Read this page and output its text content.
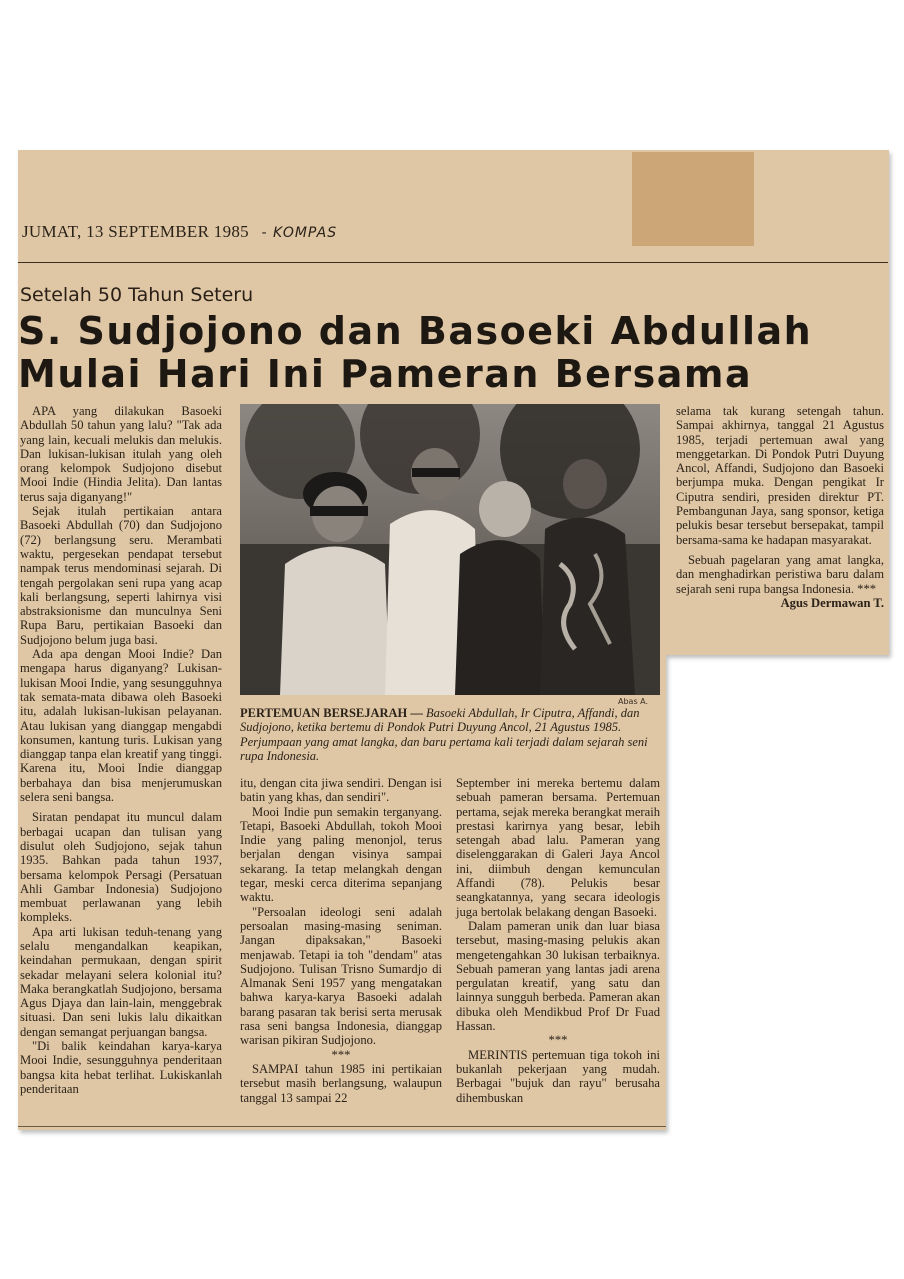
JUMAT, 13 SEPTEMBER 1985 - KOMPAS
Setelah 50 Tahun Seteru
S. Sudjojono dan Basoeki Abdullah
Mulai Hari Ini Pameran Bersama

APA yang dilakukan Basoeki Abdullah 50 tahun yang lalu? "Tak ada yang lain, kecuali melukis dan melukis. Dan lukisan-lukisan itulah yang oleh orang kelompok Sudjojono disebut Mooi Indie (Hindia Jelita). Dan lantas terus saja diganyang!"

Sejak itulah pertikaian antara Basoeki Abdullah (70) dan Sudjojono (72) berlangsung seru. Merambati waktu, pergesekan pendapat tersebut nampak terus mendominasi sejarah. Di tengah pergolakan seni rupa yang acap kali berlangsung, seperti lahirnya visi abstraksionisme dan munculnya Seni Rupa Baru, pertikaian Basoeki dan Sudjojono belum juga basi.

Ada apa dengan Mooi Indie? Dan mengapa harus diganyang? Lukisan-lukisan Mooi Indie, yang sesungguhnya tak semata-mata dibawa oleh Basoeki itu, adalah lukisan-lukisan pelayanan. Atau lukisan yang dianggap mengabdi konsumen, kantung turis. Lukisan yang dianggap tanpa elan kreatif yang tinggi. Karena itu, Mooi Indie dianggap berbahaya dan bisa menjerumuskan selera seni bangsa.

Siratan pendapat itu muncul dalam berbagai ucapan dan tulisan yang disulut oleh Sudjojono, sejak tahun 1935. Bahkan pada tahun 1937, bersama kelompok Persagi (Persatuan Ahli Gambar Indonesia) Sudjojono membuat perlawanan yang lebih kompleks.

Apa arti lukisan teduh-tenang yang selalu mengandalkan keapikan, keindahan permukaan, dengan spirit sekadar melayani selera kolonial itu? Maka berangkatlah Sudjojono, bersama Agus Djaya dan lain-lain, menggebrak situasi. Dan seni lukis lalu dikaitkan dengan semangat perjuangan bangsa.

"Di balik keindahan karya-karya Mooi Indie, sesungguhnya penderitaan bangsa kita hebat terlihat. Lukiskanlah penderitaan

Abas A.
PERTEMUAN BERSEJARAH — Basoeki Abdullah, Ir Ciputra, Affandi, dan Sudjojono, ketika bertemu di Pondok Putri Duyung Ancol, 21 Agustus 1985. Perjumpaan yang amat langka, dan baru pertama kali terjadi dalam sejarah seni rupa Indonesia.

itu, dengan cita jiwa sendiri. Dengan isi batin yang khas, dan sendiri".

Mooi Indie pun semakin terganyang. Tetapi, Basoeki Abdullah, tokoh Mooi Indie yang paling menonjol, terus berjalan dengan visinya sampai sekarang. Ia tetap melangkah dengan tegar, meski cerca diterima sepanjang waktu.

"Persoalan ideologi seni adalah persoalan masing-masing seniman. Jangan dipaksakan," Basoeki menjawab. Tetapi ia toh "dendam" atas Sudjojono. Tulisan Trisno Sumardjo di Almanak Seni 1957 yang mengatakan bahwa karya-karya Basoeki adalah barang pasaran tak berisi serta merusak rasa seni bangsa Indonesia, dianggap warisan pikiran Sudjojono.

***

SAMPAI tahun 1985 ini pertikaian tersebut masih berlangsung, walaupun tanggal 13 sampai 22

September ini mereka bertemu dalam sebuah pameran bersama. Pertemuan pertama, sejak mereka berangkat meraih prestasi karirnya yang besar, lebih setengah abad lalu. Pameran yang diselenggarakan di Galeri Jaya Ancol ini, diimbuh dengan kemunculan Affandi (78). Pelukis besar seangkatannya, yang secara ideologis juga bertolak belakang dengan Basoeki.

Dalam pameran unik dan luar biasa tersebut, masing-masing pelukis akan mengetengahkan 30 lukisan terbaiknya. Sebuah pameran yang lantas jadi arena pergulatan kreatif, yang satu dan lainnya sungguh berbeda. Pameran akan dibuka oleh Mendikbud Prof Dr Fuad Hassan.

***

MERINTIS pertemuan tiga tokoh ini bukanlah pekerjaan yang mudah. Berbagai "bujuk dan rayu" berusaha dihembuskan

selama tak kurang setengah tahun. Sampai akhirnya, tanggal 21 Agustus 1985, terjadi pertemuan awal yang menggetarkan. Di Pondok Putri Duyung Ancol, Affandi, Sudjojono dan Basoeki berjumpa muka. Dengan pengikat Ir Ciputra sendiri, presiden direktur PT. Pembangunan Jaya, sang sponsor, ketiga pelukis besar tersebut bersepakat, tampil bersama-sama ke hadapan masyarakat.

Sebuah pagelaran yang amat langka, dan menghadirkan peristiwa baru dalam sejarah seni rupa bangsa Indonesia. ***

Agus Dermawan T.
